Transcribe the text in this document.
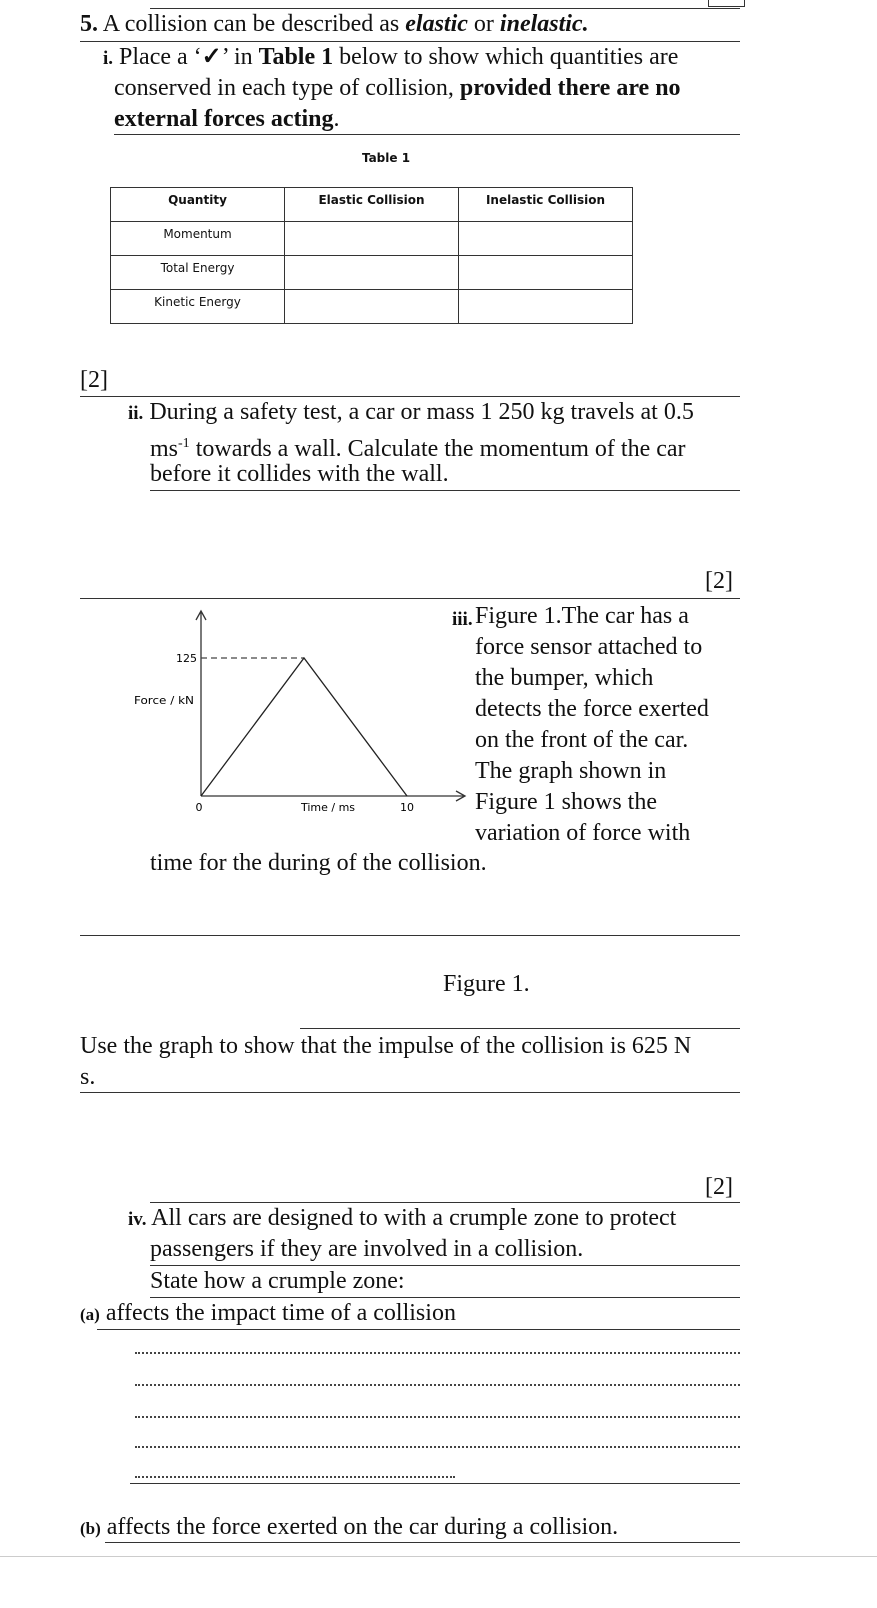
5. A collision can be described as elastic or inelastic.
i. Place a ‘✓’ in Table 1 below to show which quantities are
conserved in each type of collision, provided there are no
external forces acting.
Table 1
Quantity	Elastic Collision	Inelastic Collision
Momentum		
Total Energy		
Kinetic Energy		
[2]
ii. During a safety test, a car or mass 1 250 kg travels at 0.5
$ms^{-1}$ towards a wall. Calculate the momentum of the car
before it collides with the wall.
[2]
125
Force / kN
0	Time / ms	10
iii. Figure 1.The car has a
force sensor attached to
the bumper, which
detects the force exerted
on the front of the car.
The graph shown in
Figure 1 shows the
variation of force with
time for the during of the collision.
Figure 1.
Use the graph to show that the impulse of the collision is 625 N
s.
[2]
iv. All cars are designed to with a crumple zone to protect
passengers if they are involved in a collision.
State how a crumple zone:
(a) affects the impact time of a collision
(b) affects the force exerted on the car during a collision.
